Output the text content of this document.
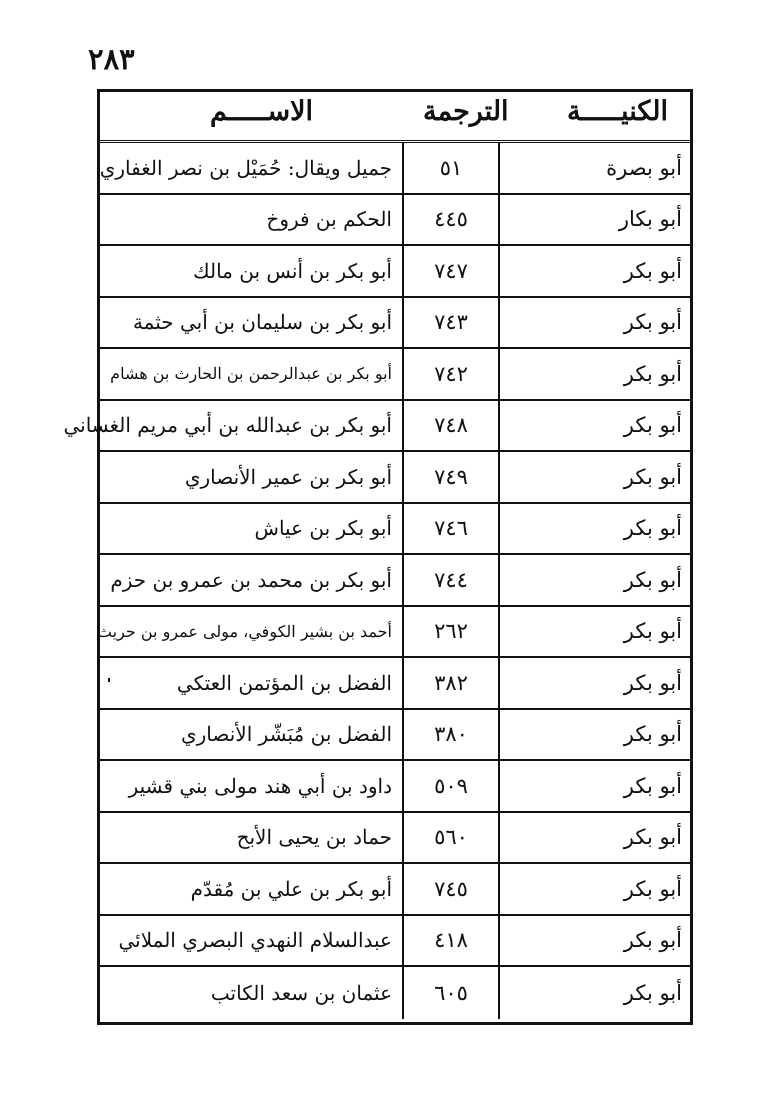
٢٨٣
الكنيـــــة
الترجمة
الاســـــم
أبو بصرة
٥١
جميل ويقال: حُمَيْل بن نصر الغفاري
أبو بكار
٤٤٥
الحكم بن فروخ
أبو بكر
٧٤٧
أبو بكر بن أنس بن مالك
أبو بكر
٧٤٣
أبو بكر بن سليمان بن أبي حثمة
أبو بكر
٧٤٢
أبو بكر بن عبدالرحمن بن الحارث بن هشام
أبو بكر
٧٤٨
أبو بكر بن عبدالله بن أبي مريم الغساني
أبو بكر
٧٤٩
أبو بكر بن عمير الأنصاري
أبو بكر
٧٤٦
أبو بكر بن عياش
أبو بكر
٧٤٤
أبو بكر بن محمد بن عمرو بن حزم
أبو بكر
٢٦٢
أحمد بن بشير الكوفي، مولى عمرو بن حريث
أبو بكر
٣٨٢
الفضل بن المؤتمن العتكي
أبو بكر
٣٨٠
الفضل بن مُبَشّر الأنصاري
أبو بكر
٥٠٩
داود بن أبي هند مولى بني قشير
أبو بكر
٥٦٠
حماد بن يحيى الأبح
أبو بكر
٧٤٥
أبو بكر بن علي بن مُقدّم
أبو بكر
٤١٨
عبدالسلام النهدي البصري الملائي
أبو بكر
٦٠٥
عثمان بن سعد الكاتب
